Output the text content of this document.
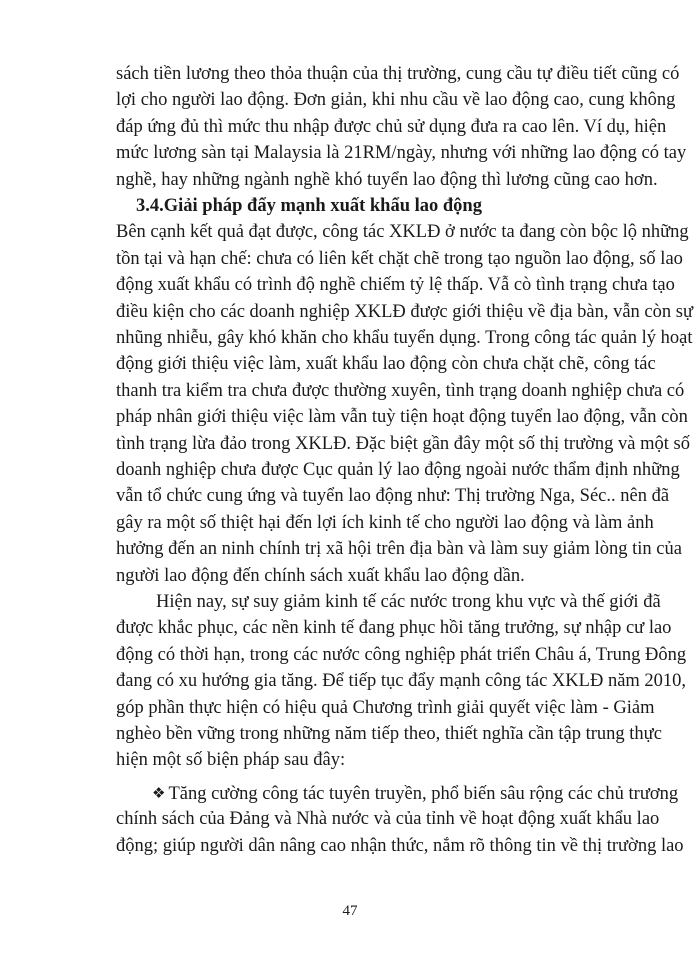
sách tiền lương theo thỏa thuận của thị trường, cung cầu tự điều tiết cũng có

lợi cho người lao động. Đơn giản, khi nhu cầu về lao động cao, cung không

đáp ứng đủ thì mức thu nhập được chủ sử dụng đưa ra cao lên. Ví dụ, hiện

mức lương sàn tại Malaysia là 21RM/ngày, nhưng với những lao động có tay

nghề, hay những ngành nghề khó tuyển lao động thì lương cũng cao hơn.

3.4.Giải pháp đẩy mạnh xuất khẩu lao động

Bên cạnh kết quả đạt được, công tác XKLĐ ở nước ta đang còn bộc lộ những

tồn tại và hạn chế: chưa có liên kết chặt chẽ trong tạo nguồn lao động, số lao

động xuất khẩu có trình độ nghề chiếm tỷ lệ thấp. Vẫ cò tình trạng chưa tạo

điều kiện cho các doanh nghiệp XKLĐ được giới thiệu về địa bàn, vẫn còn sự

nhũng nhiễu, gây khó khăn cho khẩu tuyển dụng. Trong công tác quản lý hoạt

động giới thiệu việc làm, xuất khẩu lao động còn chưa chặt chẽ, công tác

thanh tra kiểm tra chưa được thường xuyên, tình trạng doanh nghiệp chưa có

pháp nhân giới thiệu việc làm vẫn tuỳ tiện hoạt động tuyển lao động, vẫn còn

tình trạng lừa đảo trong XKLĐ. Đặc biệt gần đây một số thị trường và một số

doanh nghiệp chưa được Cục quản lý lao động ngoài nước thẩm định những

vẫn tổ chức cung ứng và tuyển lao động như: Thị trường Nga, Séc.. nên đã

gây ra một số thiệt hại đến lợi ích kinh tế cho người lao động và làm ảnh

hưởng đến an ninh chính trị xã hội trên địa bàn và làm suy giảm lòng tin của

người lao động đến chính sách xuất khẩu lao động dần.

Hiện nay, sự suy giảm kinh tế các nước trong khu vực và thế giới đã

được khắc phục, các nền kinh tế đang phục hồi tăng trưởng, sự nhập cư lao

động có thời hạn, trong các nước công nghiệp phát triển Châu á, Trung Đông

đang có xu hướng gia tăng. Để tiếp tục đẩy mạnh công tác XKLĐ năm 2010,

góp phần thực hiện có hiệu quả Chương trình giải quyết việc làm - Giảm

nghèo bền vững trong những năm tiếp theo, thiết nghĩa cần tập trung thực

hiện một số biện pháp sau đây:

❖ Tăng cường công tác tuyên truyền, phổ biến sâu rộng các chủ trương

chính sách của Đảng và Nhà nước và của tỉnh về hoạt động xuất khẩu lao

động; giúp người dân nâng cao nhận thức, nắm rõ thông tin về thị trường lao

47
